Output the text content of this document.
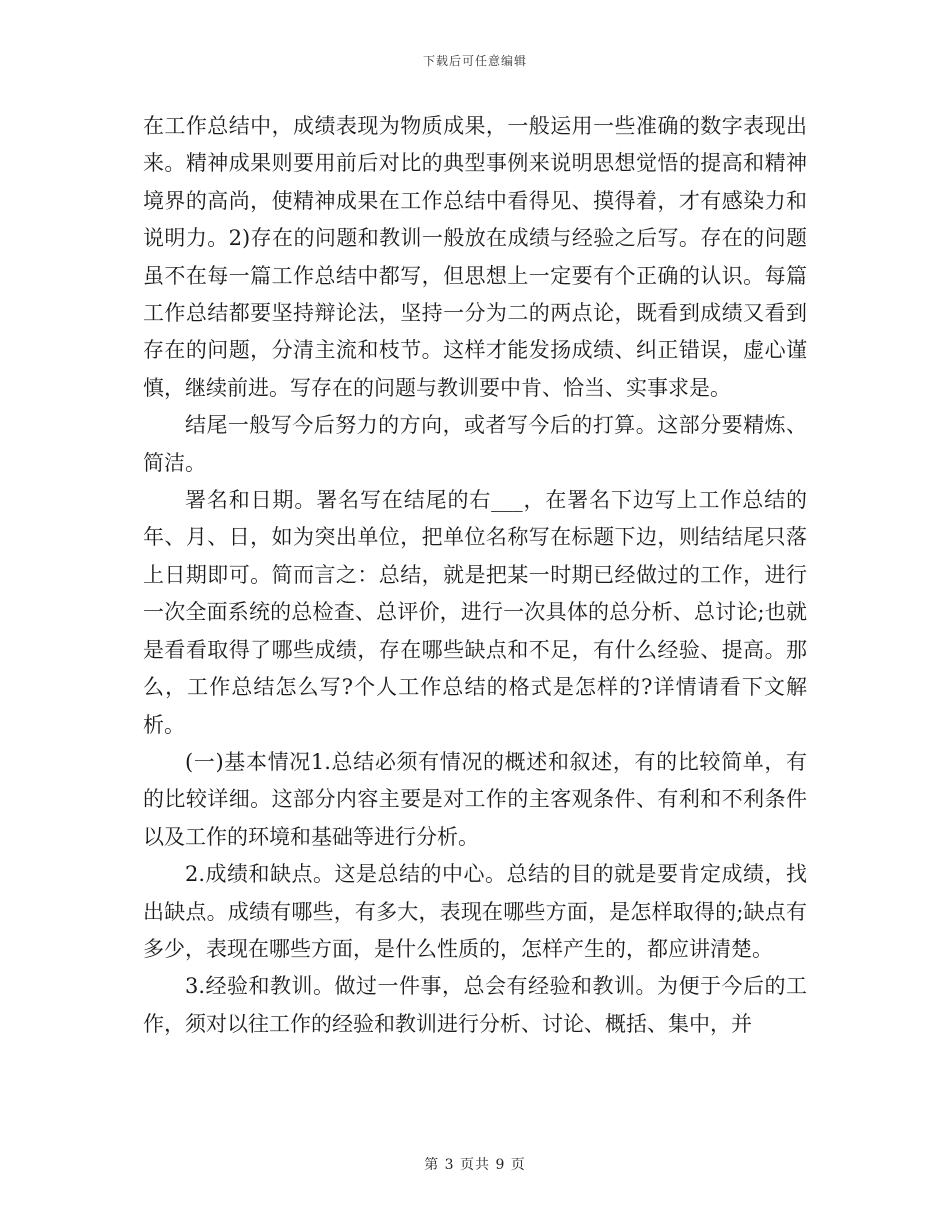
下载后可任意编辑

在工作总结中，成绩表现为物质成果，一般运用一些准确的数字表现出来。精神成果则要用前后对比的典型事例来说明思想觉悟的提高和精神境界的高尚，使精神成果在工作总结中看得见、摸得着，才有感染力和说明力。2)存在的问题和教训一般放在成绩与经验之后写。存在的问题虽不在每一篇工作总结中都写，但思想上一定要有个正确的认识。每篇工作总结都要坚持辩论法，坚持一分为二的两点论，既看到成绩又看到存在的问题，分清主流和枝节。这样才能发扬成绩、纠正错误，虚心谨慎，继续前进。写存在的问题与教训要中肯、恰当、实事求是。

结尾一般写今后努力的方向，或者写今后的打算。这部分要精炼、简洁。

署名和日期。署名写在结尾的右___，在署名下边写上工作总结的年、月、日，如为突出单位，把单位名称写在标题下边，则结结尾只落上日期即可。简而言之：总结，就是把某一时期已经做过的工作，进行一次全面系统的总检查、总评价，进行一次具体的总分析、总讨论;也就是看看取得了哪些成绩，存在哪些缺点和不足，有什么经验、提高。那么，工作总结怎么写?个人工作总结的格式是怎样的?详情请看下文解析。

(一)基本情况1.总结必须有情况的概述和叙述，有的比较简单，有的比较详细。这部分内容主要是对工作的主客观条件、有利和不利条件以及工作的环境和基础等进行分析。

2.成绩和缺点。这是总结的中心。总结的目的就是要肯定成绩，找出缺点。成绩有哪些，有多大，表现在哪些方面，是怎样取得的;缺点有多少，表现在哪些方面，是什么性质的，怎样产生的，都应讲清楚。

3.经验和教训。做过一件事，总会有经验和教训。为便于今后的工作，须对以往工作的经验和教训进行分析、讨论、概括、集中，并

第 3 页共 9 页
